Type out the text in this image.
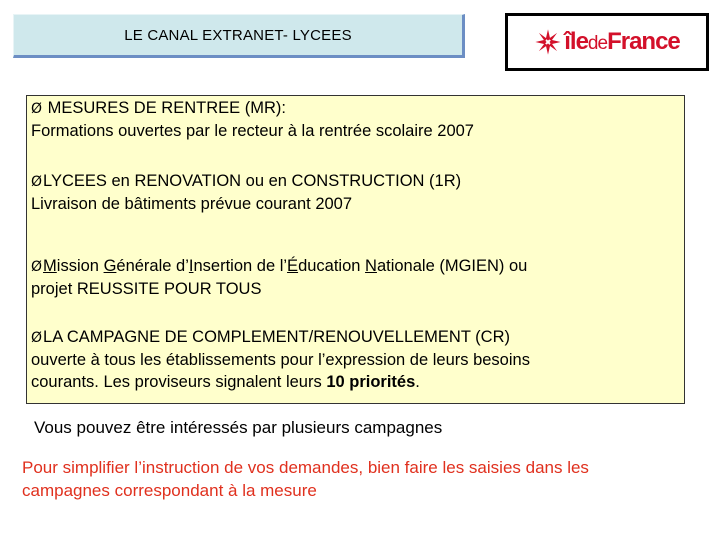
LE CANAL EXTRANET- LYCEES	îledeFrance
Ø MESURES DE RENTREE (MR):
Formations ouvertes par le recteur à la rentrée scolaire 2007
ØLYCEES en RENOVATION ou en CONSTRUCTION (1R)
Livraison de bâtiments prévue courant 2007
ØMission Générale d’Insertion de l’Éducation Nationale (MGIEN) ou
projet REUSSITE POUR TOUS
ØLA CAMPAGNE DE COMPLEMENT/RENOUVELLEMENT (CR)
ouverte à tous les établissements pour l’expression de leurs besoins
courants. Les proviseurs signalent leurs 10 priorités.
Vous pouvez être intéressés par plusieurs campagnes
Pour simplifier l’instruction de vos demandes, bien faire les saisies dans les
campagnes correspondant à la mesure
